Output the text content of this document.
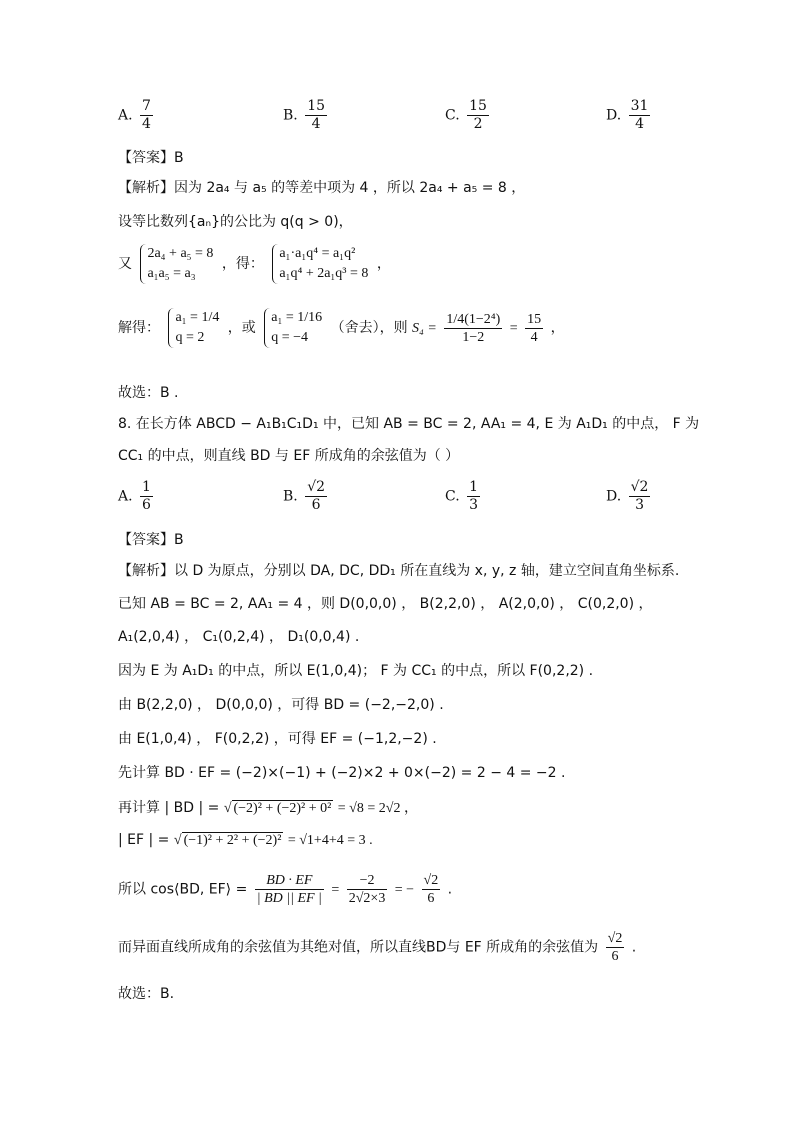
A. $\frac{7}{4}$	B. $\frac{15}{4}$	C. $\frac{15}{2}$	D. $\frac{31}{4}$
【答案】B
【解析】因为 2a₄ 与 a₅ 的等差中项为 4 ，所以 2a₄ + a₅ = 8 ，
设等比数列{aₙ}的公比为 q(q > 0)，
又
2a₄ + a₅ = 8
a₁a₅ = a₃
，得：
a₁·a₁q⁴ = a₁q²
a₁q⁴ + 2a₁q³ = 8
，
解得：
a₁ = 1/4
q = 2
，或
a₁ = 1/16
q = −4
（舍去），则 $S_4 = \frac{\text{1/4(1−2⁴)}}{1-2} = \frac{15}{4}$ ，
故选：B .
8. 在长方体 ABCD − A₁B₁C₁D₁ 中，已知 AB = BC = 2, AA₁ = 4, E 为 A₁D₁ 的中点， F 为
CC₁ 的中点，则直线 BD 与 EF 所成角的余弦值为（ ）
A. $\frac{1}{6}$	B. $\frac{√2}{6}$	C. $\frac{1}{3}$	D. $\frac{√2}{3}$
【答案】B
【解析】以 D 为原点，分别以 DA, DC, DD₁ 所在直线为 x, y, z 轴，建立空间直角坐标系.
已知 AB = BC = 2, AA₁ = 4 ，则 D(0,0,0) ， B(2,2,0) ， A(2,0,0) ， C(0,2,0) ，
A₁(2,0,4) ， C₁(0,2,4) ， D₁(0,0,4) .
因为 E 为 A₁D₁ 的中点，所以 E(1,0,4)； F 为 CC₁ 的中点，所以 F(0,2,2) .
由 B(2,2,0) ， D(0,0,0) ，可得 BD = (−2,−2,0) .
由 E(1,0,4) ， F(0,2,2) ，可得 EF = (−1,2,−2) .
先计算 BD · EF = (−2)×(−1) + (−2)×2 + 0×(−2) = 2 − 4 = −2 .
再计算 | BD | = √ (−2)² + (−2)² + 0² = √8 = 2√2 ，
| EF | = √ (−1)² + 2² + (−2)² = √1+4+4 = 3 .
所以 cos⟨BD, EF⟩ = $\frac{BD \cdot EF}{| BD || EF |} = \frac{-2}{2√2\times 3}$ = − $\frac{√2}{6}$ .
而异面直线所成角的余弦值为其绝对值，所以直线BD与 EF 所成角的余弦值为 $\frac{√2}{6}$ .
故选：B.
